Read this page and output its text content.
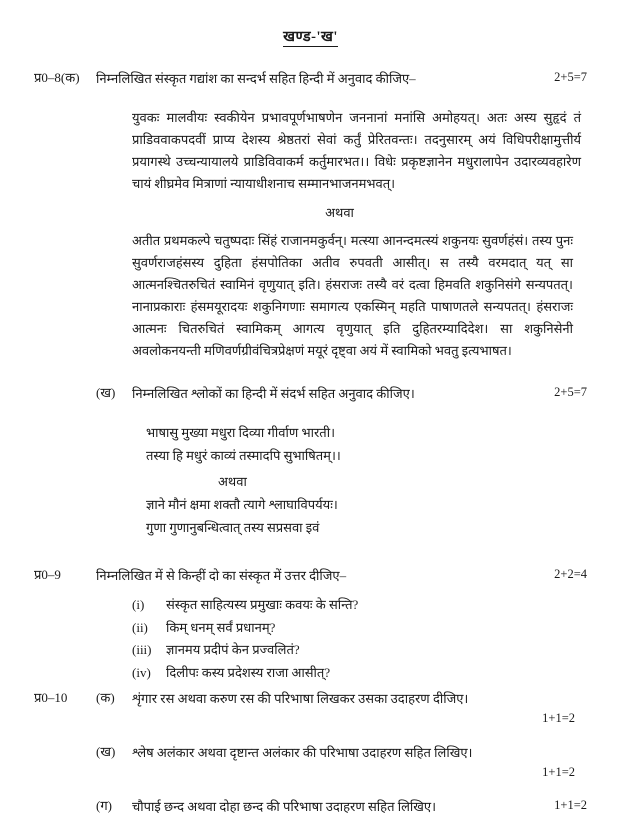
खण्ड-'ख'
प्र0–8(क)	निम्नलिखित संस्कृत गद्यांश का सन्दर्भ सहित हिन्दी में अनुवाद कीजिए–	2+5=7
युवकः मालवीयः स्वकीयेन प्रभावपूर्णभाषणेन जननानां मनांसि अमोहयत्। अतः अस्य सुहृदं तं प्राडिववाकपदवीं प्राप्य देशस्य श्रेष्ठतरां सेवां कर्तुं प्रेरितवन्तः। तदनुसारम् अयं विधिपरीक्षामुत्तीर्य प्रयागस्थे उच्चन्यायालये प्राडिविवाकर्म कर्तुमारभत।। विधेः प्रकृष्टज्ञानेन मधुरालापेन उदारव्यवहारेण चायं शीघ्रमेव मित्राणां न्यायाधीशनाच सम्मानभाजनमभवत्।
अथवा
अतीत प्रथमकल्पे चतुष्पदाः सिंहं राजानमकुर्वन्। मत्स्या आनन्दमत्स्यं शकुनयः सुवर्णहंसं। तस्य पुनः सुवर्णराजहंसस्य दुहिता हंसपोतिका अतीव रुपवती आसीत्। स तस्यै वरमदात् यत् सा आत्मनश्चितरुचितं स्वामिनं वृणुयात् इति। हंसराजः तस्यै वरं दत्वा हिमवति शकुनिसंगे सन्यपतत्। नानाप्रकाराः हंसमयूरादयः शकुनिगणाः समागत्य एकस्मिन् महति पाषाणतले सन्यपतत्। हंसराजः आत्मनः चितरुचितं स्वामिकम् आगत्य वृणुयात् इति दुहितरम्यादिदेश। सा शकुनिसेनी अवलोकनयन्ती मणिवर्णग्रीवंचित्रप्रेक्षणं मयूरं दृष्ट्वा अयं में स्वामिको भवतु इत्यभाषत।
(ख)	निम्नलिखित श्लोकों का हिन्दी में संदर्भ सहित अनुवाद कीजिए।	2+5=7
भाषासु मुख्या मधुरा दिव्या गीर्वाण भारती।
तस्या हि मधुरं काव्यं तस्मादपि सुभाषितम्।।
अथवा
ज्ञाने मौनं क्षमा शक्तौ त्यागे श्लाघाविपर्ययः।
गुणा गुणानुबन्धित्वात् तस्य सप्रसवा इवं
प्र0–9	निम्नलिखित में से किन्हीं दो का संस्कृत में उत्तर दीजिए–	2+2=4
(i)	संस्कृत साहित्यस्य प्रमुखाः कवयः के सन्ति?
(ii)	किम् धनम् सर्वं प्रधानम्?
(iii)	ज्ञानमय प्रदीपं केन प्रज्वलितं?
(iv)	दिलीपः कस्य प्रदेशस्य राजा आसीत्?
प्र0–10	(क)	शृंगार रस अथवा करुण रस की परिभाषा लिखकर उसका उदाहरण दीजिए।
1+1=2
(ख)	श्लेष अलंकार अथवा दृष्टान्त अलंकार की परिभाषा उदाहरण सहित लिखिए।
1+1=2
(ग)	चौपाई छन्द अथवा दोहा छन्द की परिभाषा उदाहरण सहित लिखिए।	1+1=2
